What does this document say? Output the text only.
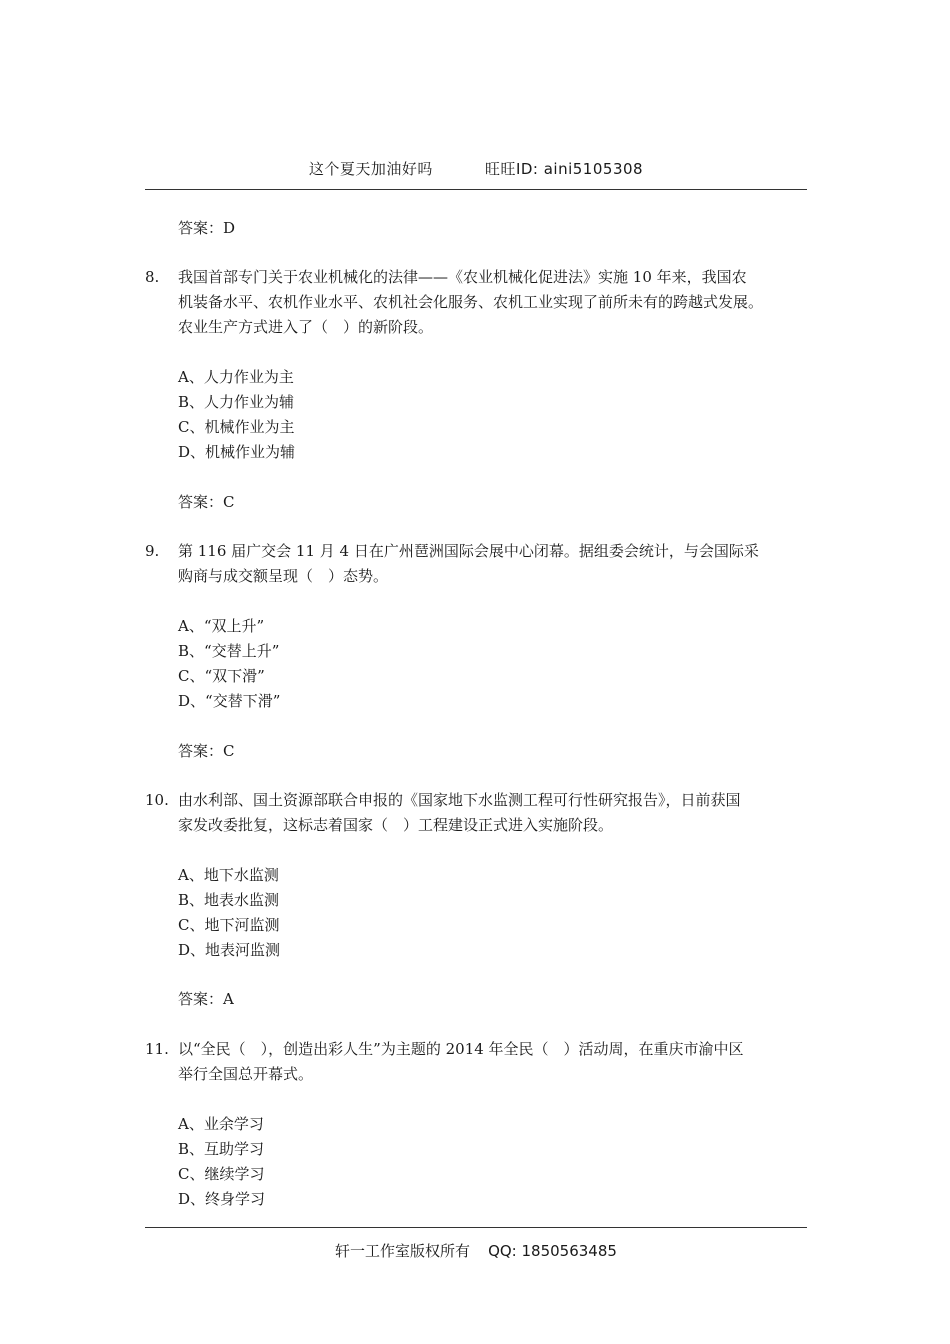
这个夏天加油好吗	旺旺ID: aini5105308
答案：D
8. 我国首部专门关于农业机械化的法律——《农业机械化促进法》实施 10 年来，我国农
机装备水平、农机作业水平、农机社会化服务、农机工业实现了前所未有的跨越式发展。
农业生产方式进入了（　）的新阶段。
A、人力作业为主
B、人力作业为辅
C、机械作业为主
D、机械作业为辅
答案：C
9. 第 116 届广交会 11 月 4 日在广州琶洲国际会展中心闭幕。据组委会统计，与会国际采
购商与成交额呈现（　）态势。
A、“双上升”
B、“交替上升”
C、“双下滑”
D、“交替下滑”
答案：C
10. 由水利部、国土资源部联合申报的《国家地下水监测工程可行性研究报告》，日前获国
家发改委批复，这标志着国家（　）工程建设正式进入实施阶段。
A、地下水监测
B、地表水监测
C、地下河监测
D、地表河监测
答案：A
11. 以“全民（　），创造出彩人生”为主题的 2014 年全民（　）活动周，在重庆市渝中区
举行全国总开幕式。
A、业余学习
B、互助学习
C、继续学习
D、终身学习
轩一工作室版权所有 QQ: 1850563485
